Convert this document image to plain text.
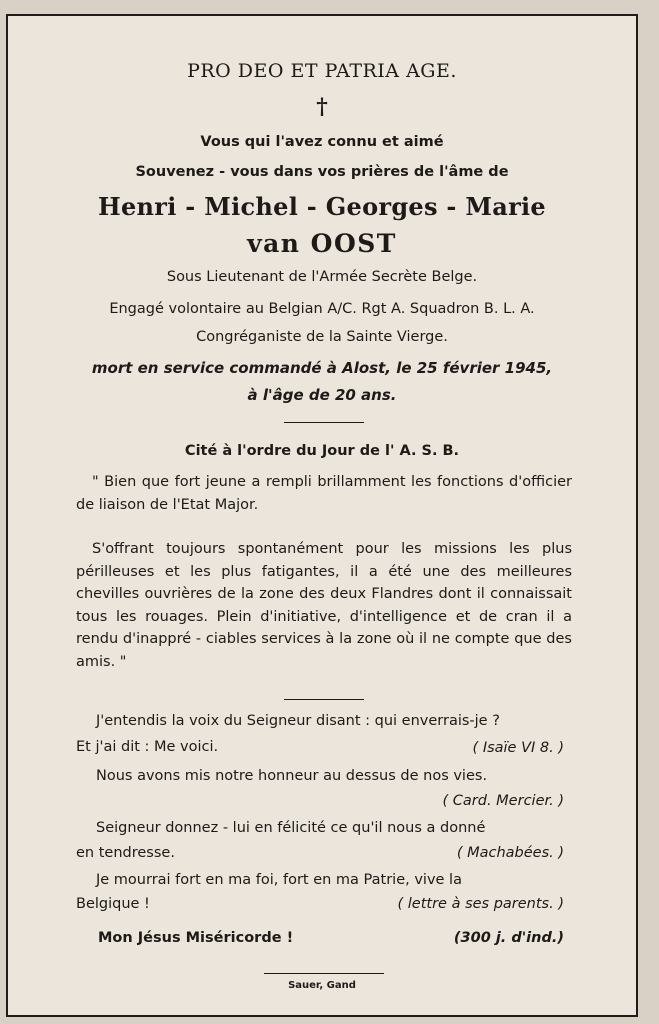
PRO DEO ET PATRIA AGE.
†
Vous qui l'avez connu et aimé
Souvenez - vous dans vos prières de l'âme de
Henri - Michel - Georges - Marie
van OOST
Sous Lieutenant de l'Armée Secrète Belge.
Engagé volontaire au Belgian A/C. Rgt A. Squadron B. L. A.
Congréganiste de la Sainte Vierge.
mort en service commandé à Alost, le 25 février 1945,
à l'âge de 20 ans.
Cité à l'ordre du Jour de l' A. S. B.
" Bien que fort jeune a rempli brillamment les fonctions d'officier de liaison de l'Etat Major.
S'offrant toujours spontanément pour les missions les plus périlleuses et les plus fatigantes, il a été une des meilleures chevilles ouvrières de la zone des deux Flandres dont il connaissait tous les rouages. Plein d'initiative, d'intelligence et de cran il a rendu d'inappré - ciables services à la zone où il ne compte que des amis. "
J'entendis la voix du Seigneur disant : qui enverrais-je ?
Et j'ai dit : Me voici.	( Isaïe VI 8. )
Nous avons mis notre honneur au dessus de nos vies.
( Card. Mercier. )
Seigneur donnez - lui en félicité ce qu'il nous a donné
en tendresse.	( Machabées. )
Je mourrai fort en ma foi, fort en ma Patrie, vive la
Belgique !	( lettre à ses parents. )
Mon Jésus Miséricorde !	(300 j. d'ind.)
Sauer, Gand
